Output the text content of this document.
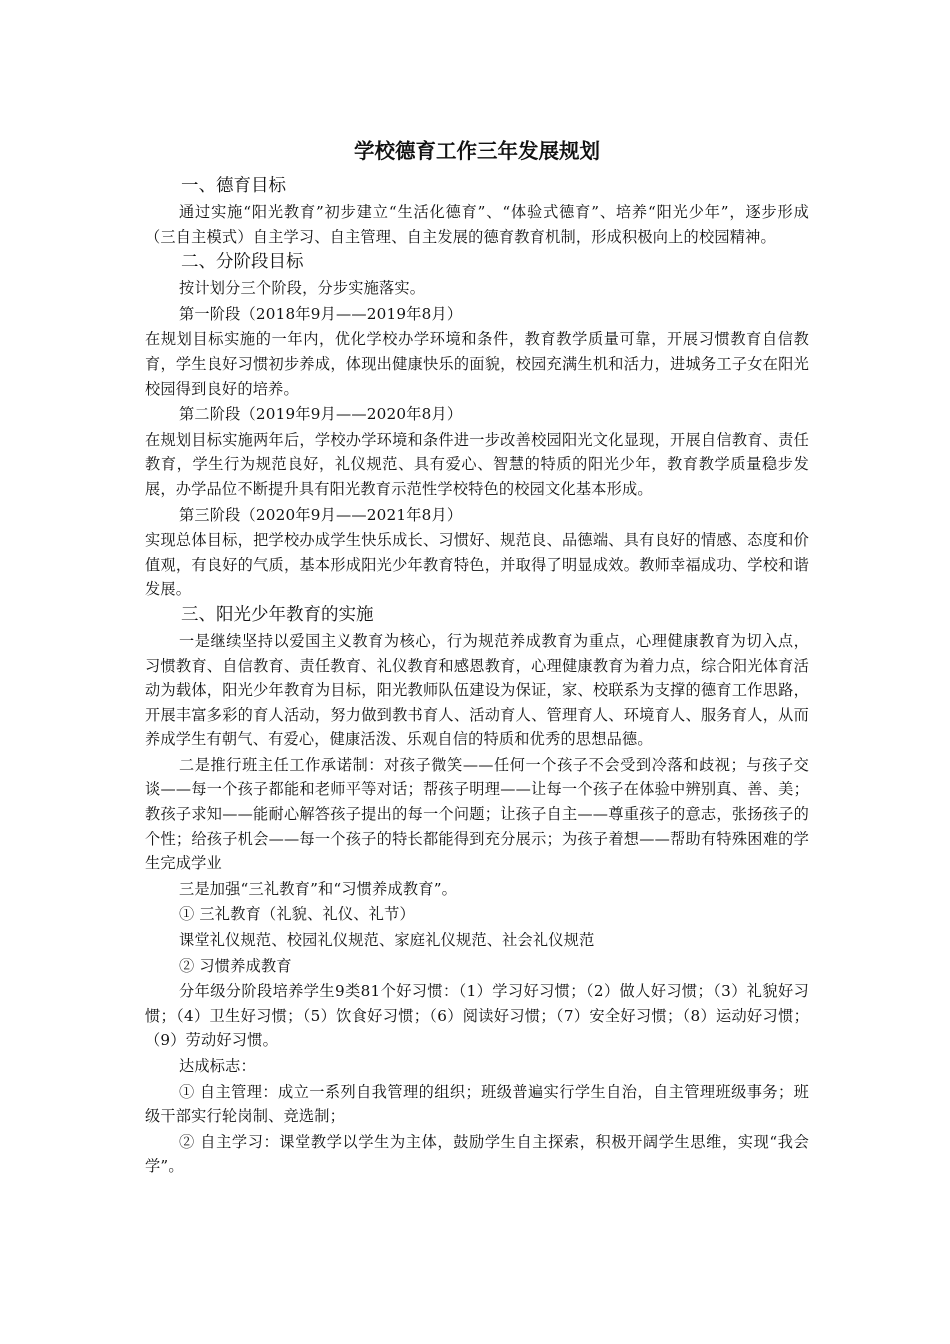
学校德育工作三年发展规划
一、德育目标
通过实施“阳光教育”初步建立“生活化德育”、“体验式德育”、培养“阳光少年”，逐步形成（三自主模式）自主学习、自主管理、自主发展的德育教育机制，形成积极向上的校园精神。
二、分阶段目标
按计划分三个阶段，分步实施落实。
第一阶段（2018年9月——2019年8月）
在规划目标实施的一年内，优化学校办学环境和条件，教育教学质量可靠，开展习惯教育自信教育，学生良好习惯初步养成，体现出健康快乐的面貌，校园充满生机和活力，进城务工子女在阳光校园得到良好的培养。
第二阶段（2019年9月——2020年8月）
在规划目标实施两年后，学校办学环境和条件进一步改善校园阳光文化显现，开展自信教育、责任教育，学生行为规范良好，礼仪规范、具有爱心、智慧的特质的阳光少年，教育教学质量稳步发展，办学品位不断提升具有阳光教育示范性学校特色的校园文化基本形成。
第三阶段（2020年9月——2021年8月）
实现总体目标，把学校办成学生快乐成长、习惯好、规范良、品德端、具有良好的情感、态度和价值观，有良好的气质，基本形成阳光少年教育特色，并取得了明显成效。教师幸福成功、学校和谐发展。
三、阳光少年教育的实施
一是继续坚持以爱国主义教育为核心，行为规范养成教育为重点，心理健康教育为切入点，习惯教育、自信教育、责任教育、礼仪教育和感恩教育，心理健康教育为着力点，综合阳光体育活动为载体，阳光少年教育为目标，阳光教师队伍建设为保证，家、校联系为支撑的德育工作思路，开展丰富多彩的育人活动，努力做到教书育人、活动育人、管理育人、环境育人、服务育人，从而养成学生有朝气、有爱心，健康活泼、乐观自信的特质和优秀的思想品德。
二是推行班主任工作承诺制：对孩子微笑——任何一个孩子不会受到冷落和歧视；与孩子交谈——每一个孩子都能和老师平等对话；帮孩子明理——让每一个孩子在体验中辨别真、善、美；教孩子求知——能耐心解答孩子提出的每一个问题；让孩子自主——尊重孩子的意志，张扬孩子的个性；给孩子机会——每一个孩子的特长都能得到充分展示；为孩子着想——帮助有特殊困难的学生完成学业
三是加强“三礼教育”和“习惯养成教育”。
① 三礼教育（礼貌、礼仪、礼节）
课堂礼仪规范、校园礼仪规范、家庭礼仪规范、社会礼仪规范
② 习惯养成教育
分年级分阶段培养学生9类81个好习惯：（1）学习好习惯；（2）做人好习惯；（3）礼貌好习惯；（4）卫生好习惯；（5）饮食好习惯；（6）阅读好习惯；（7）安全好习惯；（8）运动好习惯；（9）劳动好习惯。
达成标志：
① 自主管理：成立一系列自我管理的组织；班级普遍实行学生自治，自主管理班级事务；班级干部实行轮岗制、竞选制；
② 自主学习：课堂教学以学生为主体，鼓励学生自主探索，积极开阔学生思维，实现“我会学”。
